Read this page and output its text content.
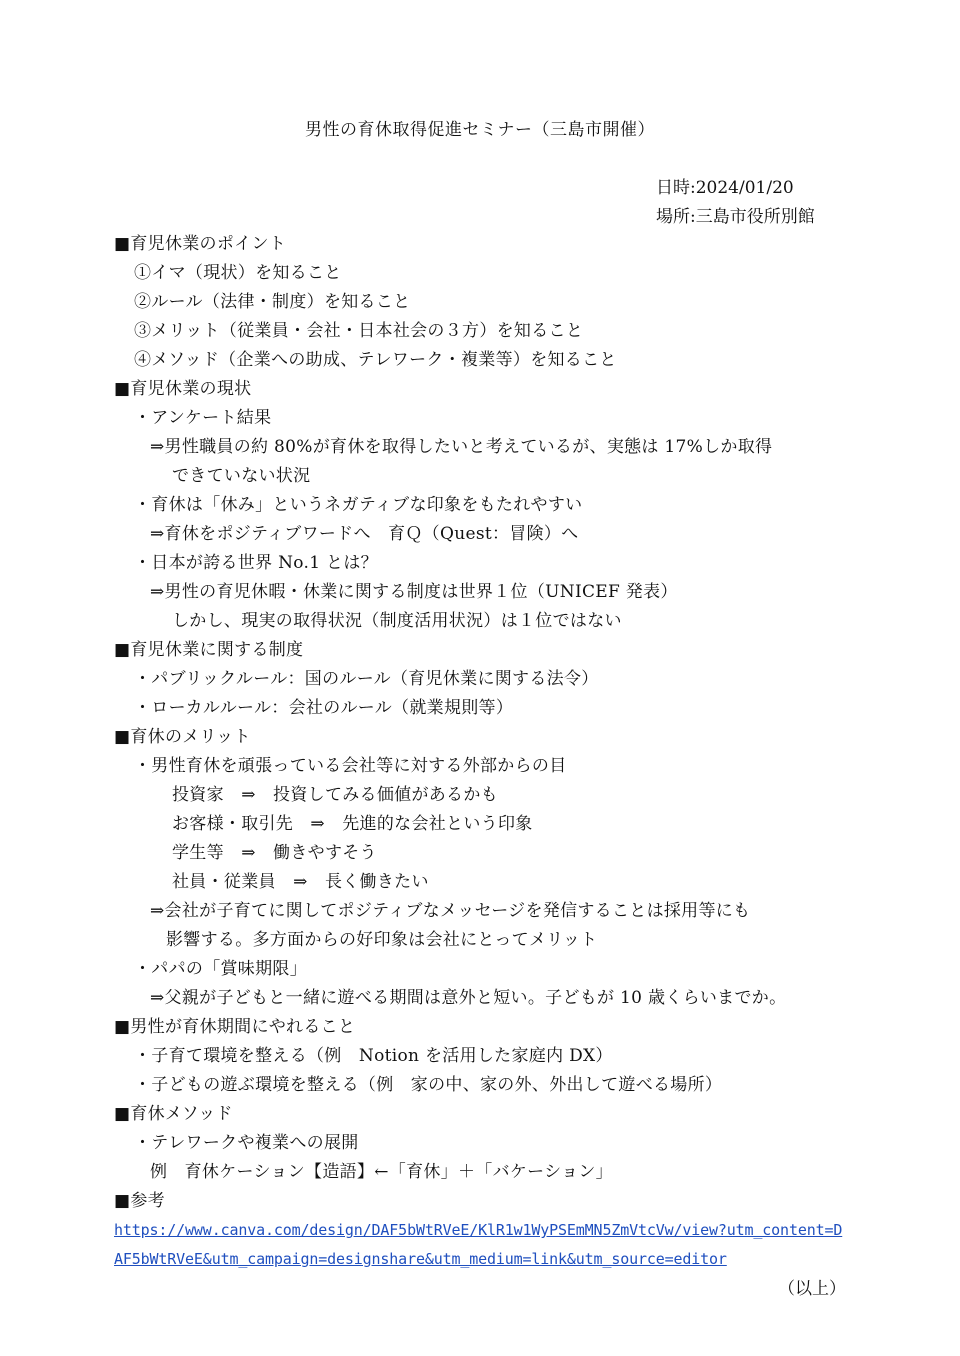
男性の育休取得促進セミナー（三島市開催）
日時:2024/01/20
場所:三島市役所別館
■育児休業のポイント
①イマ（現状）を知ること
②ルール（法律・制度）を知ること
③メリット（従業員・会社・日本社会の３方）を知ること
④メソッド（企業への助成、テレワーク・複業等）を知ること
■育児休業の現状
・アンケート結果
⇒男性職員の約 80%が育休を取得したいと考えているが、実態は 17%しか取得
できていない状況
・育休は「休み」というネガティブな印象をもたれやすい
⇒育休をポジティブワードへ　育Ｑ（Quest：冒険）へ
・日本が誇る世界 No.1 とは？
⇒男性の育児休暇・休業に関する制度は世界１位（UNICEF 発表）
しかし、現実の取得状況（制度活用状況）は１位ではない
■育児休業に関する制度
・パブリックルール：国のルール（育児休業に関する法令）
・ローカルルール：会社のルール（就業規則等）
■育休のメリット
・男性育休を頑張っている会社等に対する外部からの目
投資家　⇒　投資してみる価値があるかも
お客様・取引先　⇒　先進的な会社という印象
学生等　⇒　働きやすそう
社員・従業員　⇒　長く働きたい
⇒会社が子育てに関してポジティブなメッセージを発信することは採用等にも
影響する。多方面からの好印象は会社にとってメリット
・パパの「賞味期限」
⇒父親が子どもと一緒に遊べる期間は意外と短い。子どもが 10 歳くらいまでか。
■男性が育休期間にやれること
・子育て環境を整える（例　Notion を活用した家庭内 DX）
・子どもの遊ぶ環境を整える（例　家の中、家の外、外出して遊べる場所）
■育休メソッド
・テレワークや複業への展開
例　育休ケーション【造語】←「育休」＋「バケーション」
■参考
https://www.canva.com/design/DAF5bWtRVeE/KlR1w1WyPSEmMN5ZmVtcVw/view?utm_content=D
AF5bWtRVeE&utm_campaign=designshare&utm_medium=link&utm_source=editor
（以上）
